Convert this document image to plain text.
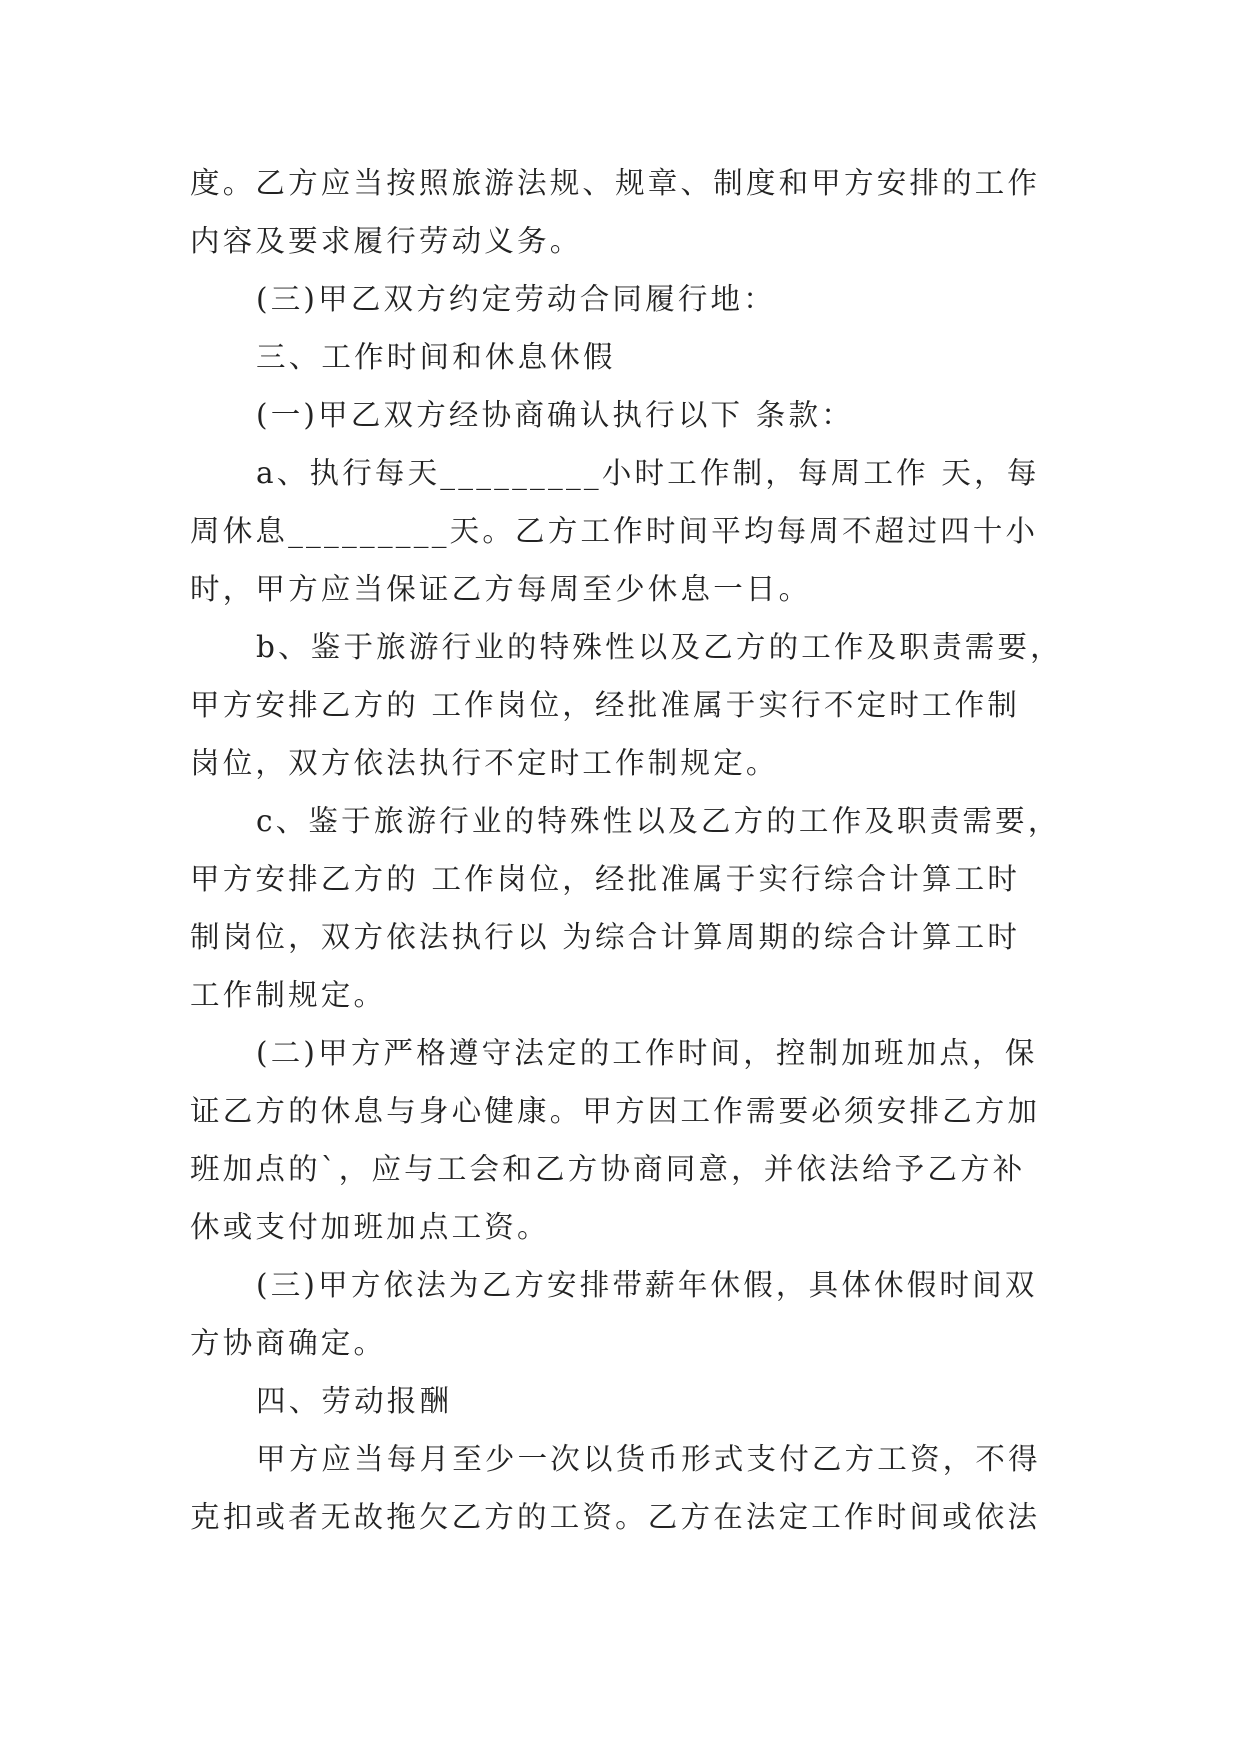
度。乙方应当按照旅游法规、规章、制度和甲方安排的工作
内容及要求履行劳动义务。
(三)甲乙双方约定劳动合同履行地：
三、工作时间和休息休假
(一)甲乙双方经协商确认执行以下 条款：
a、执行每天_________小时工作制，每周工作 天，每
周休息_________天。乙方工作时间平均每周不超过四十小
时，甲方应当保证乙方每周至少休息一日。
b、鉴于旅游行业的特殊性以及乙方的工作及职责需要，
甲方安排乙方的 工作岗位，经批准属于实行不定时工作制
岗位，双方依法执行不定时工作制规定。
c、鉴于旅游行业的特殊性以及乙方的工作及职责需要，
甲方安排乙方的 工作岗位，经批准属于实行综合计算工时
制岗位，双方依法执行以 为综合计算周期的综合计算工时
工作制规定。
(二)甲方严格遵守法定的工作时间，控制加班加点，保
证乙方的休息与身心健康。甲方因工作需要必须安排乙方加
班加点的`，应与工会和乙方协商同意，并依法给予乙方补
休或支付加班加点工资。
(三)甲方依法为乙方安排带薪年休假，具体休假时间双
方协商确定。
四、劳动报酬
甲方应当每月至少一次以货币形式支付乙方工资，不得
克扣或者无故拖欠乙方的工资。乙方在法定工作时间或依法
